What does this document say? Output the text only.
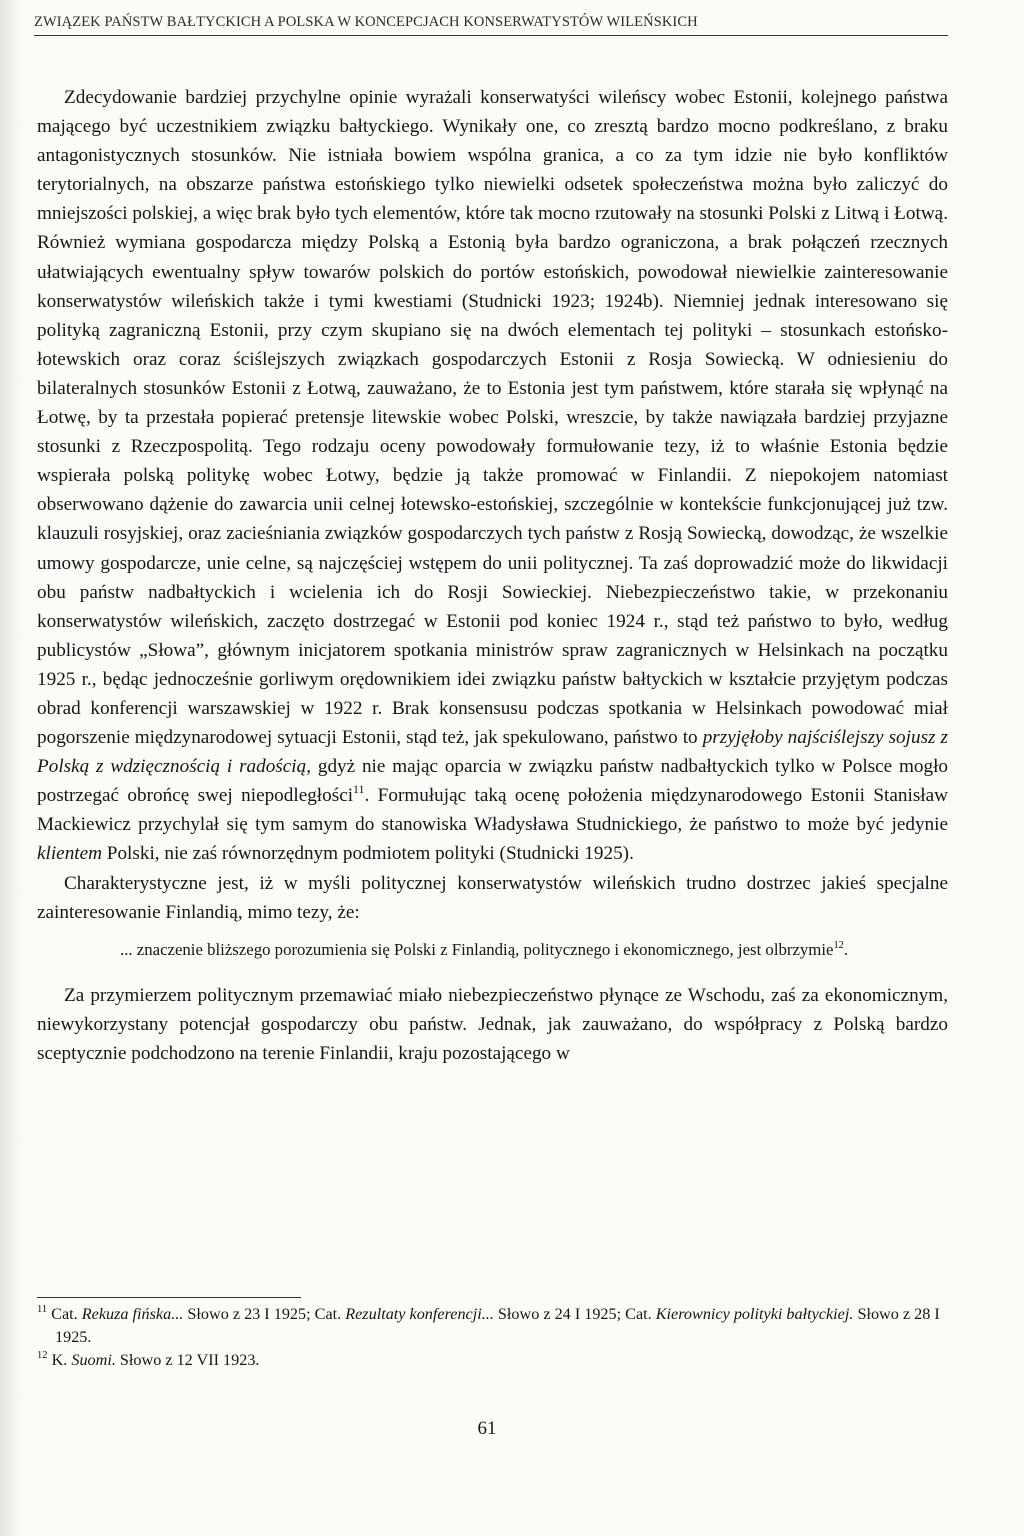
ZWIĄZEK PAŃSTW BAŁTYCKICH A POLSKA W KONCEPCJACH KONSERWATYSTÓW WILEŃSKICH

Zdecydowanie bardziej przychylne opinie wyrażali konserwatyści wileńscy wobec Estonii, kolejnego państwa mającego być uczestnikiem związku bałtyckiego. Wynikały one, co zresztą bardzo mocno podkreślano, z braku antagonistycznych stosunków. Nie istniała bowiem wspólna granica, a co za tym idzie nie było konfliktów terytorialnych, na obszarze państwa estońskiego tylko niewielki odsetek społeczeństwa można było zaliczyć do mniejszości polskiej, a więc brak było tych elementów, które tak mocno rzutowały na stosunki Polski z Litwą i Łotwą. Również wymiana gospodarcza między Polską a Estonią była bardzo ograniczona, a brak połączeń rzecznych ułatwiających ewentualny spływ towarów polskich do portów estońskich, powodował niewielkie zainteresowanie konserwatystów wileńskich także i tymi kwestiami (Studnicki 1923; 1924b). Niemniej jednak interesowano się polityką zagraniczną Estonii, przy czym skupiano się na dwóch elementach tej polityki – stosunkach estońsko-łotewskich oraz coraz ściślejszych związkach gospodarczych Estonii z Rosja Sowiecką. W odniesieniu do bilateralnych stosunków Estonii z Łotwą, zauważano, że to Estonia jest tym państwem, które starała się wpłynąć na Łotwę, by ta przestała popierać pretensje litewskie wobec Polski, wreszcie, by także nawiązała bardziej przyjazne stosunki z Rzeczpospolitą. Tego rodzaju oceny powodowały formułowanie tezy, iż to właśnie Estonia będzie wspierała polską politykę wobec Łotwy, będzie ją także promować w Finlandii. Z niepokojem natomiast obserwowano dążenie do zawarcia unii celnej łotewsko-estońskiej, szczególnie w kontekście funkcjonującej już tzw. klauzuli rosyjskiej, oraz zacieśniania związków gospodarczych tych państw z Rosją Sowiecką, dowodząc, że wszelkie umowy gospodarcze, unie celne, są najczęściej wstępem do unii politycznej. Ta zaś doprowadzić może do likwidacji obu państw nadbałtyckich i wcielenia ich do Rosji Sowieckiej. Niebezpieczeństwo takie, w przekonaniu konserwatystów wileńskich, zaczęto dostrzegać w Estonii pod koniec 1924 r., stąd też państwo to było, według publicystów „Słowa”, głównym inicjatorem spotkania ministrów spraw zagranicznych w Helsinkach na początku 1925 r., będąc jednocześnie gorliwym orędownikiem idei związku państw bałtyckich w kształcie przyjętym podczas obrad konferencji warszawskiej w 1922 r. Brak konsensusu podczas spotkania w Helsinkach powodować miał pogorszenie międzynarodowej sytuacji Estonii, stąd też, jak spekulowano, państwo to przyjęłoby najściślejszy sojusz z Polską z wdzięcznością i radością, gdyż nie mając oparcia w związku państw nadbałtyckich tylko w Polsce mogło postrzegać obrońcę swej niepodległości$^{11}$. Formułując taką ocenę położenia międzynarodowego Estonii Stanisław Mackiewicz przychylał się tym samym do stanowiska Władysława Studnickiego, że państwo to może być jedynie klientem Polski, nie zaś równorzędnym podmiotem polityki (Studnicki 1925).

Charakterystyczne jest, iż w myśli politycznej konserwatystów wileńskich trudno dostrzec jakieś specjalne zainteresowanie Finlandią, mimo tezy, że:

... znaczenie bliższego porozumienia się Polski z Finlandią, politycznego i ekonomicznego, jest olbrzymie$^{12}$.

Za przymierzem politycznym przemawiać miało niebezpieczeństwo płynące ze Wschodu, zaś za ekonomicznym, niewykorzystany potencjał gospodarczy obu państw. Jednak, jak zauważano, do współpracy z Polską bardzo sceptycznie podchodzono na terenie Finlandii, kraju pozostającego w

$^{11}$ Cat. Rekuza fińska... Słowo z 23 I 1925; Cat. Rezultaty konferencji... Słowo z 24 I 1925; Cat. Kierownicy polityki bałtyckiej. Słowo z 28 I 1925.

$^{12}$ K. Suomi. Słowo z 12 VII 1923.

61
